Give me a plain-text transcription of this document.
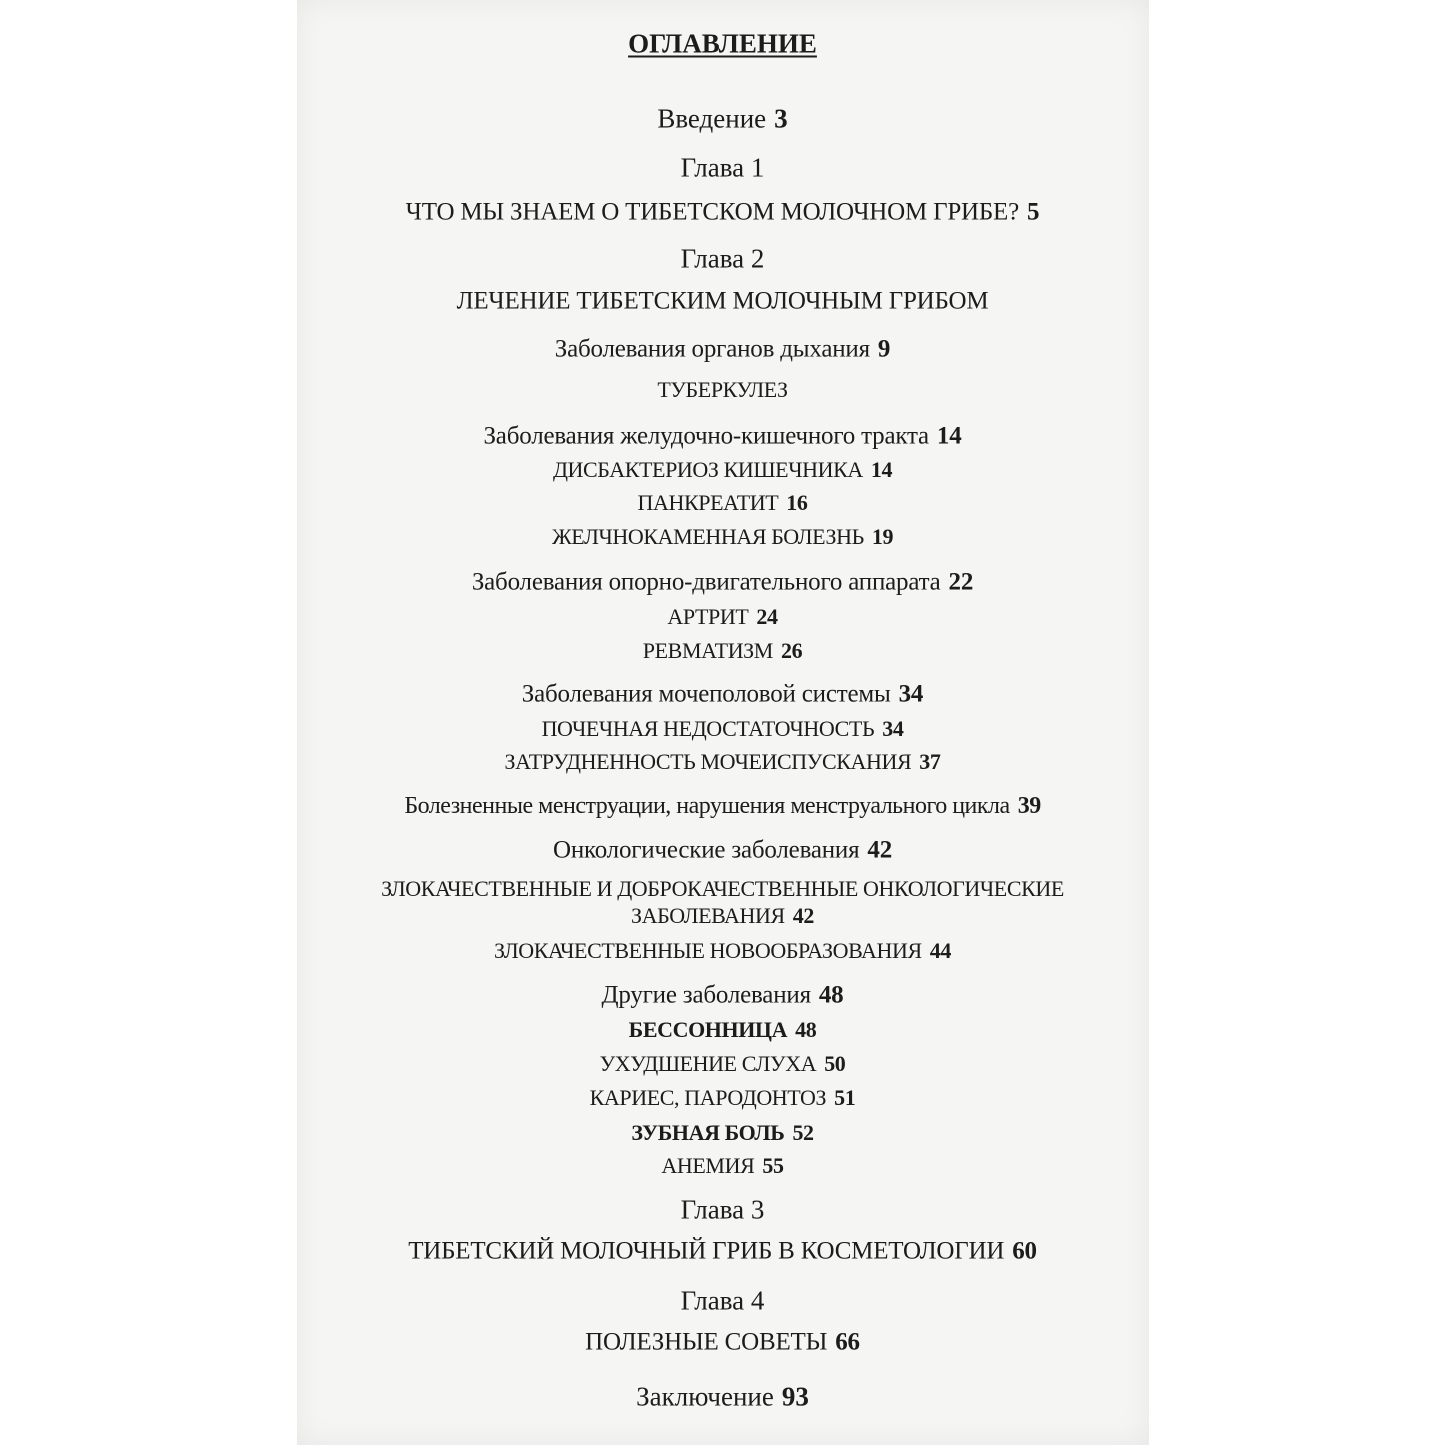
ОГЛАВЛЕНИЕ
Введение 3
Глава 1
ЧТО МЫ ЗНАЕМ О ТИБЕТСКОМ МОЛОЧНОМ ГРИБЕ? 5
Глава 2
ЛЕЧЕНИЕ ТИБЕТСКИМ МОЛОЧНЫМ ГРИБОМ
Заболевания органов дыхания 9
ТУБЕРКУЛЕЗ
Заболевания желудочно-кишечного тракта 14
ДИСБАКТЕРИОЗ КИШЕЧНИКА 14
ПАНКРЕАТИТ 16
ЖЕЛЧНОКАМЕННАЯ БОЛЕЗНЬ 19
Заболевания опорно-двигательного аппарата 22
АРТРИТ 24
РЕВМАТИЗМ 26
Заболевания мочеполовой системы 34
ПОЧЕЧНАЯ НЕДОСТАТОЧНОСТЬ 34
ЗАТРУДНЕННОСТЬ МОЧЕИСПУСКАНИЯ 37
Болезненные менструации, нарушения менструального цикла 39
Онкологические заболевания 42
ЗЛОКАЧЕСТВЕННЫЕ И ДОБРОКАЧЕСТВЕННЫЕ ОНКОЛОГИЧЕСКИЕ
ЗАБОЛЕВАНИЯ 42
ЗЛОКАЧЕСТВЕННЫЕ НОВООБРАЗОВАНИЯ 44
Другие заболевания 48
БЕССОННИЦА 48
УХУДШЕНИЕ СЛУХА 50
КАРИЕС, ПАРОДОНТОЗ 51
ЗУБНАЯ БОЛЬ 52
АНЕМИЯ 55
Глава 3
ТИБЕТСКИЙ МОЛОЧНЫЙ ГРИБ В КОСМЕТОЛОГИИ 60
Глава 4
ПОЛЕЗНЫЕ СОВЕТЫ 66
Заключение 93
